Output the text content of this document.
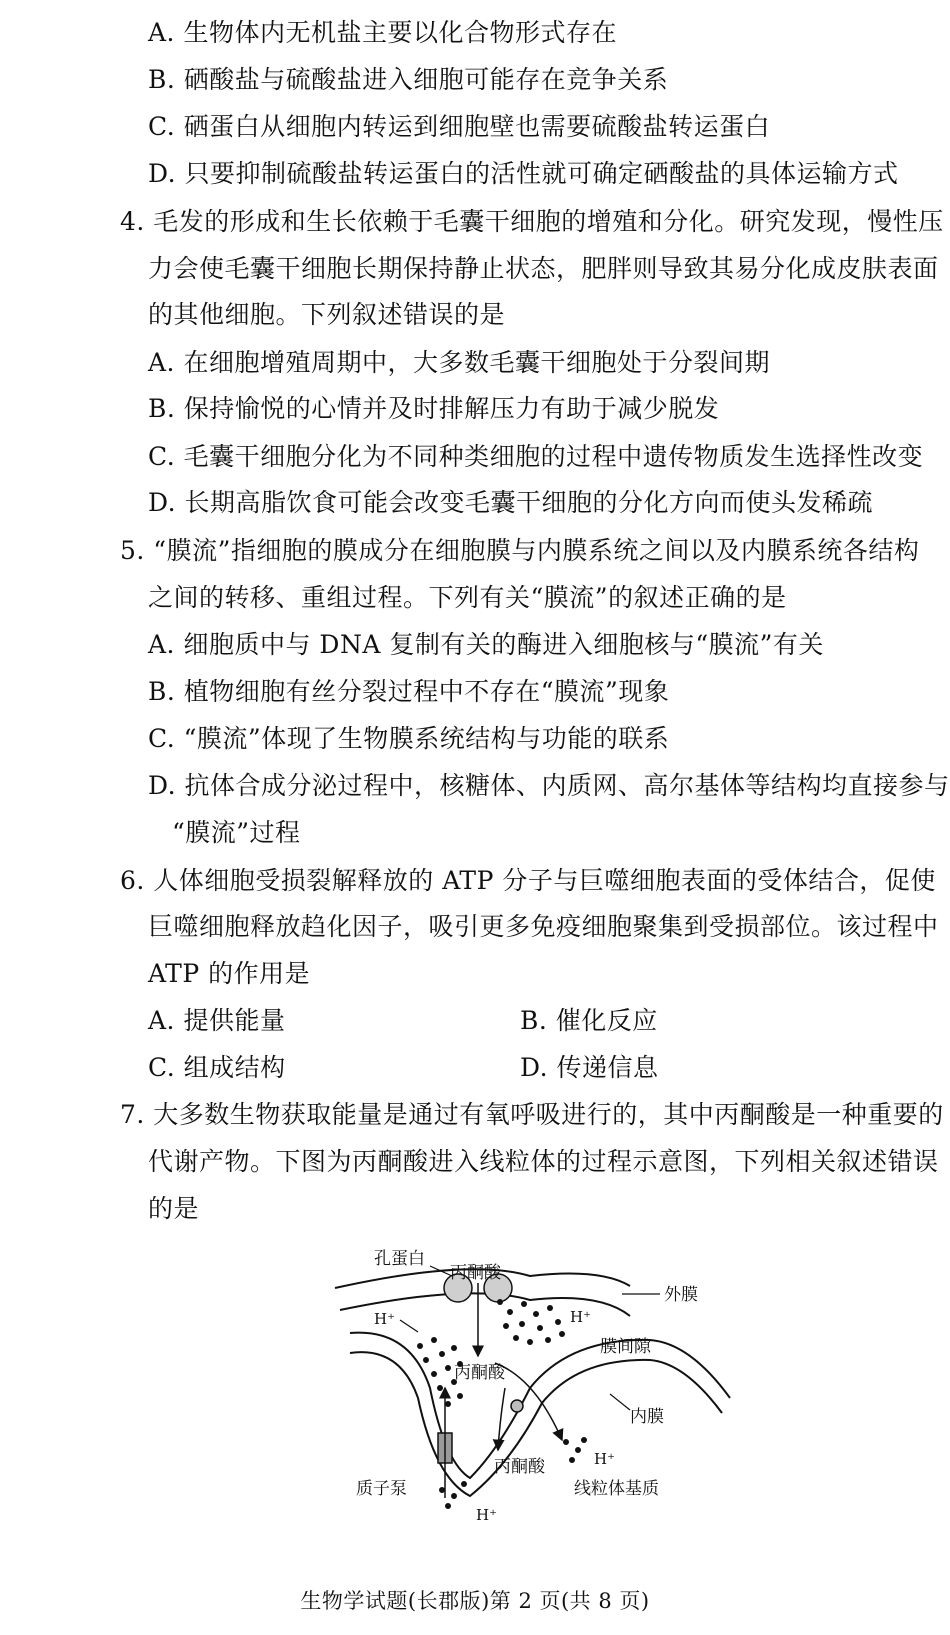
A. 生物体内无机盐主要以化合物形式存在
B. 硒酸盐与硫酸盐进入细胞可能存在竞争关系
C. 硒蛋白从细胞内转运到细胞壁也需要硫酸盐转运蛋白
D. 只要抑制硫酸盐转运蛋白的活性就可确定硒酸盐的具体运输方式
4. 毛发的形成和生长依赖于毛囊干细胞的增殖和分化。研究发现，慢性压
力会使毛囊干细胞长期保持静止状态，肥胖则导致其易分化成皮肤表面
的其他细胞。下列叙述错误的是
A. 在细胞增殖周期中，大多数毛囊干细胞处于分裂间期
B. 保持愉悦的心情并及时排解压力有助于减少脱发
C. 毛囊干细胞分化为不同种类细胞的过程中遗传物质发生选择性改变
D. 长期高脂饮食可能会改变毛囊干细胞的分化方向而使头发稀疏
5. “膜流”指细胞的膜成分在细胞膜与内膜系统之间以及内膜系统各结构
之间的转移、重组过程。下列有关“膜流”的叙述正确的是
A. 细胞质中与 DNA 复制有关的酶进入细胞核与“膜流”有关
B. 植物细胞有丝分裂过程中不存在“膜流”现象
C. “膜流”体现了生物膜系统结构与功能的联系
D. 抗体合成分泌过程中，核糖体、内质网、高尔基体等结构均直接参与
“膜流”过程
6. 人体细胞受损裂解释放的 ATP 分子与巨噬细胞表面的受体结合，促使
巨噬细胞释放趋化因子，吸引更多免疫细胞聚集到受损部位。该过程中
ATP 的作用是
A. 提供能量	B. 催化反应
C. 组成结构	D. 传递信息
7. 大多数生物获取能量是通过有氧呼吸进行的，其中丙酮酸是一种重要的
代谢产物。下图为丙酮酸进入线粒体的过程示意图，下列相关叙述错误
的是
孔蛋白
丙酮酸
外膜
H⁺	H⁺
膜间隙
丙酮酸
内膜
H⁺
丙酮酸
质子泵	线粒体基质
H⁺
生物学试题(长郡版)第 2 页(共 8 页)
